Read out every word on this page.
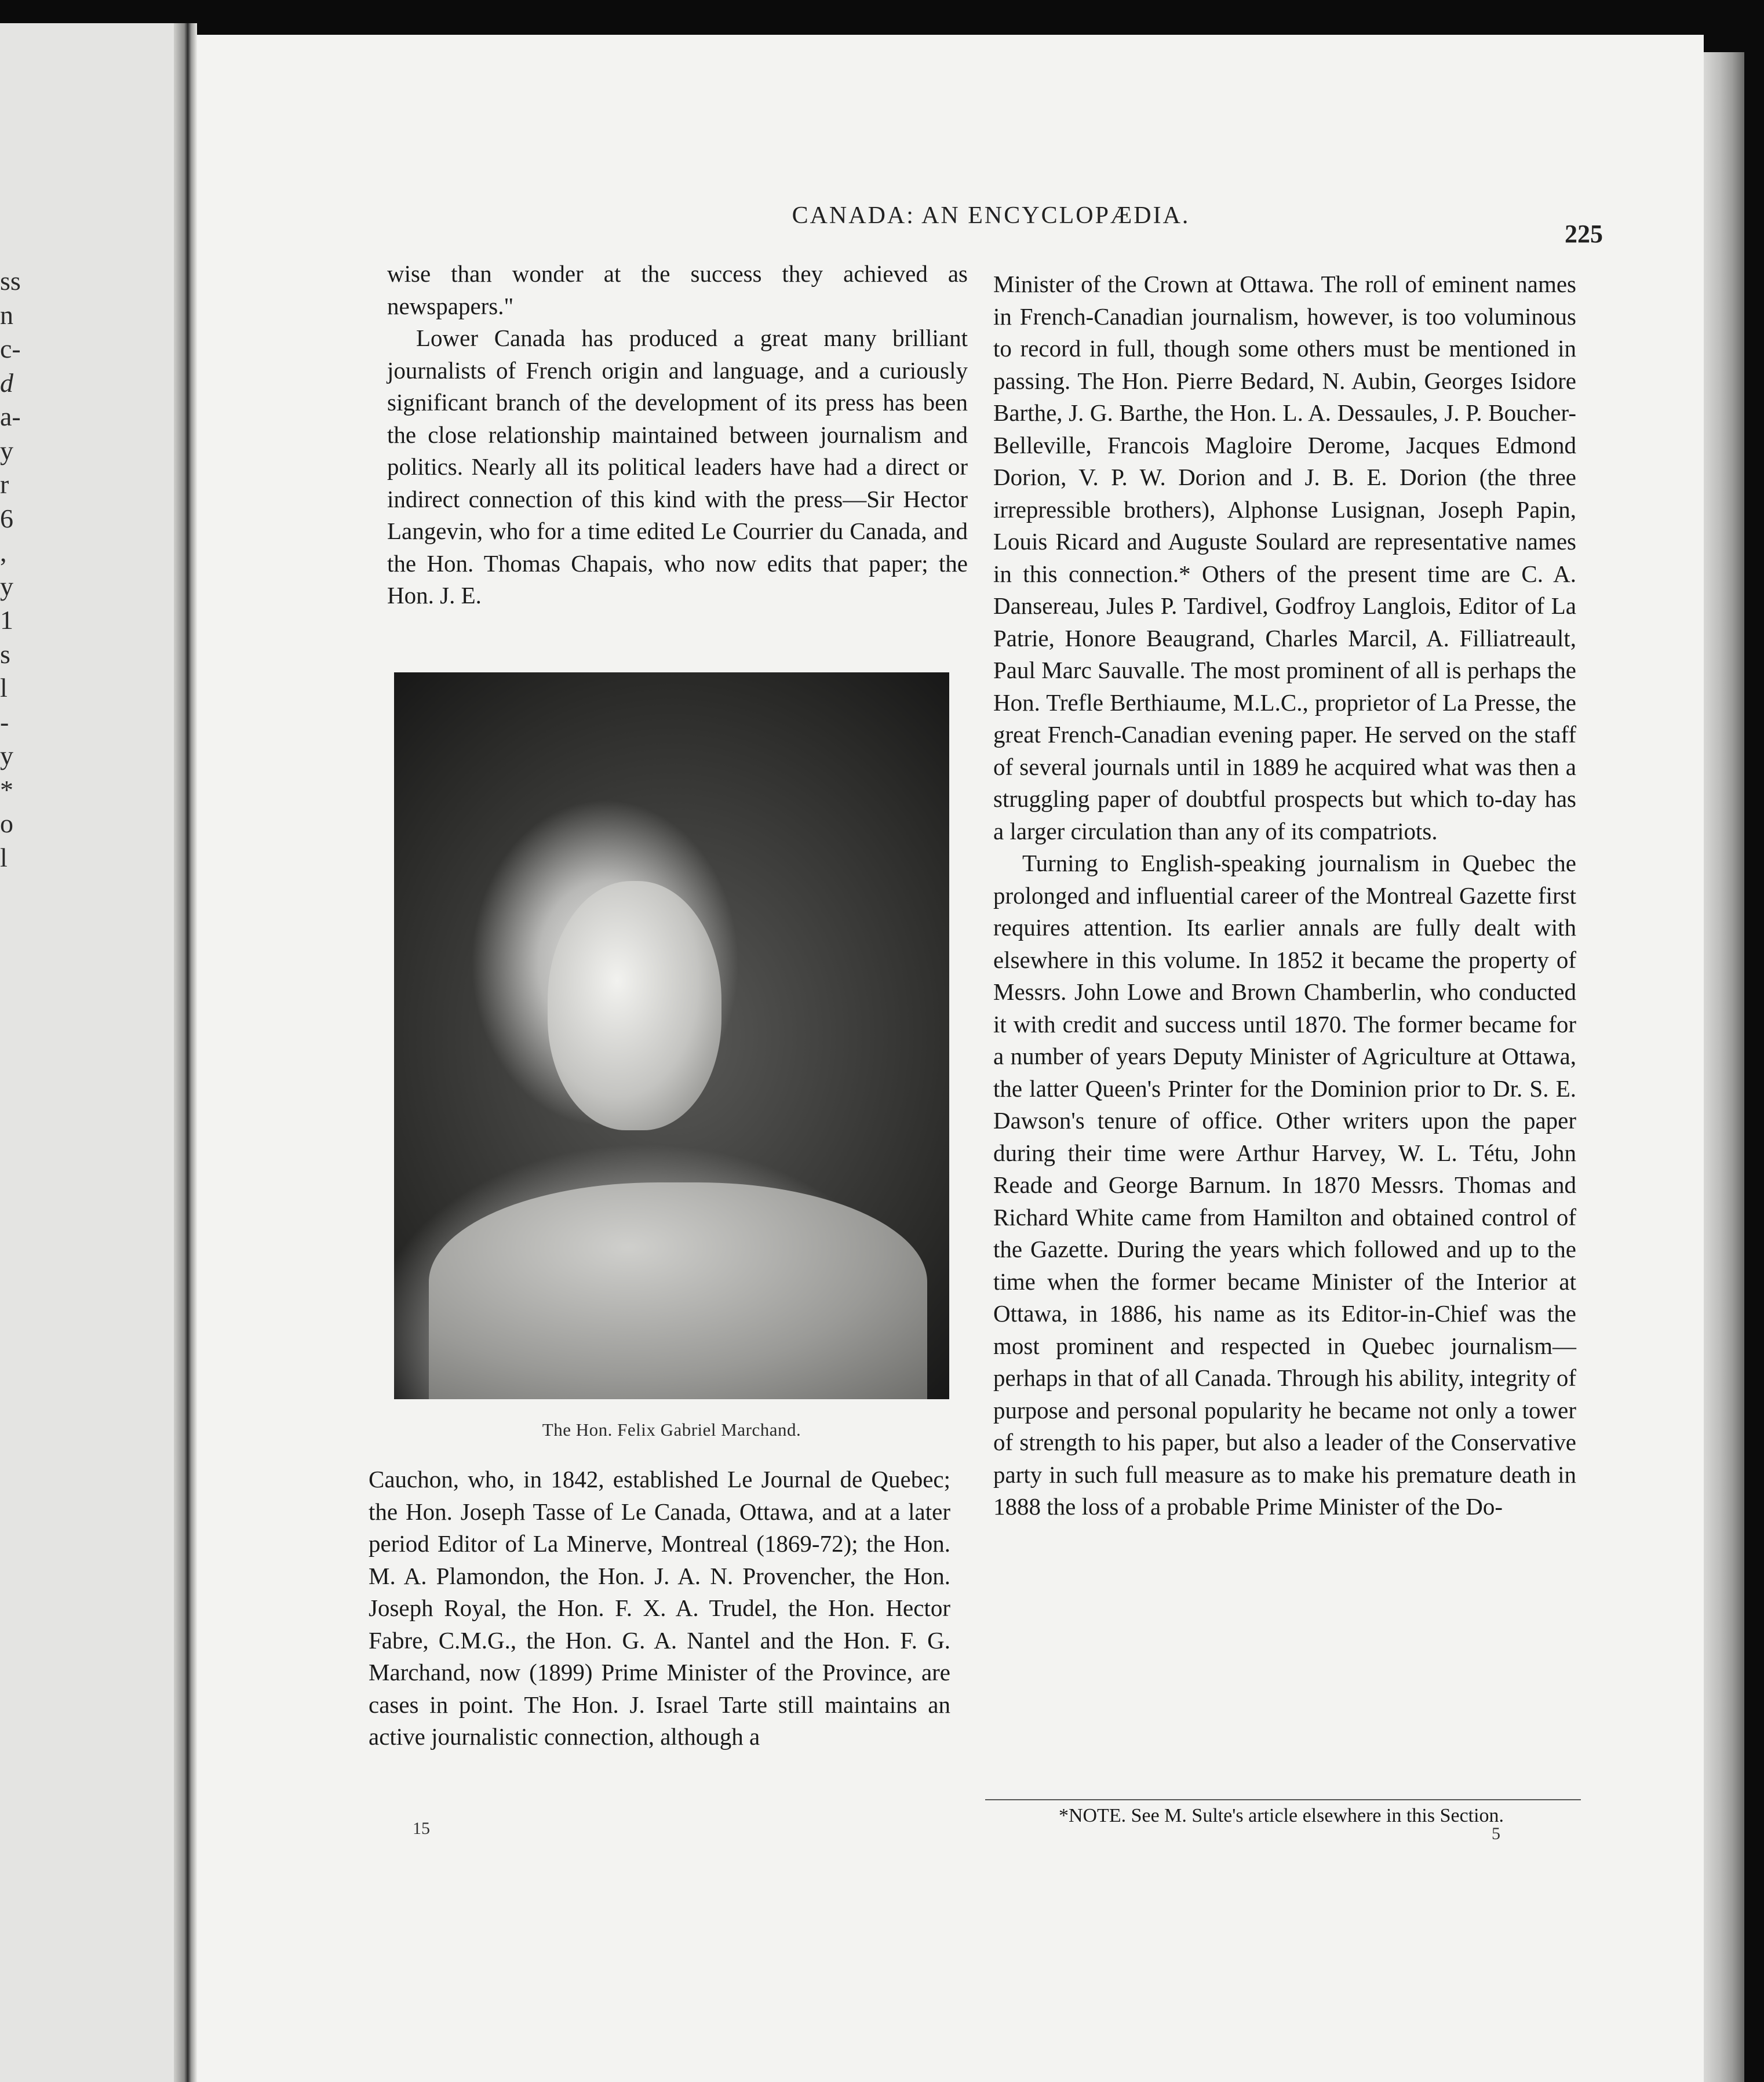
ss
n
c-
d
a-
y
r
6
,
y
1
s
l
-
y
*
o
l
CANADA: AN ENCYCLOPÆDIA.
225

wise than wonder at the success they achieved as newspapers."

Lower Canada has produced a great many brilliant journalists of French origin and language, and a curiously significant branch of the development of its press has been the close relationship maintained between journalism and politics. Nearly all its political leaders have had a direct or indirect connection of this kind with the press—Sir Hector Langevin, who for a time edited Le Courrier du Canada, and the Hon. Thomas Chapais, who now edits that paper; the Hon. J. E.

The Hon. Felix Gabriel Marchand.

Cauchon, who, in 1842, established Le Journal de Quebec; the Hon. Joseph Tasse of Le Canada, Ottawa, and at a later period Editor of La Minerve, Montreal (1869-72); the Hon. M. A. Plamondon, the Hon. J. A. N. Provencher, the Hon. Joseph Royal, the Hon. F. X. A. Trudel, the Hon. Hector Fabre, C.M.G., the Hon. G. A. Nantel and the Hon. F. G. Marchand, now (1899) Prime Minister of the Province, are cases in point. The Hon. J. Israel Tarte still maintains an active journalistic connection, although a

Minister of the Crown at Ottawa. The roll of eminent names in French-Canadian journalism, however, is too voluminous to record in full, though some others must be mentioned in passing. The Hon. Pierre Bedard, N. Aubin, Georges Isidore Barthe, J. G. Barthe, the Hon. L. A. Dessaules, J. P. Boucher-Belleville, Francois Magloire Derome, Jacques Edmond Dorion, V. P. W. Dorion and J. B. E. Dorion (the three irrepressible brothers), Alphonse Lusignan, Joseph Papin, Louis Ricard and Auguste Soulard are representative names in this connection.* Others of the present time are C. A. Dansereau, Jules P. Tardivel, Godfroy Langlois, Editor of La Patrie, Honore Beaugrand, Charles Marcil, A. Filliatreault, Paul Marc Sauvalle. The most prominent of all is perhaps the Hon. Trefle Berthiaume, M.L.C., proprietor of La Presse, the great French-Canadian evening paper. He served on the staff of several journals until in 1889 he acquired what was then a struggling paper of doubtful prospects but which to-day has a larger circulation than any of its compatriots.

Turning to English-speaking journalism in Quebec the prolonged and influential career of the Montreal Gazette first requires attention. Its earlier annals are fully dealt with elsewhere in this volume. In 1852 it became the property of Messrs. John Lowe and Brown Chamberlin, who conducted it with credit and success until 1870. The former became for a number of years Deputy Minister of Agriculture at Ottawa, the latter Queen's Printer for the Dominion prior to Dr. S. E. Dawson's tenure of office. Other writers upon the paper during their time were Arthur Harvey, W. L. Tétu, John Reade and George Barnum. In 1870 Messrs. Thomas and Richard White came from Hamilton and obtained control of the Gazette. During the years which followed and up to the time when the former became Minister of the Interior at Ottawa, in 1886, his name as its Editor-in-Chief was the most prominent and respected in Quebec journalism—perhaps in that of all Canada. Through his ability, integrity of purpose and personal popularity he became not only a tower of strength to his paper, but also a leader of the Conservative party in such full measure as to make his premature death in 1888 the loss of a probable Prime Minister of the Do-

15
*NOTE. See M. Sulte's article elsewhere in this Section.
5
